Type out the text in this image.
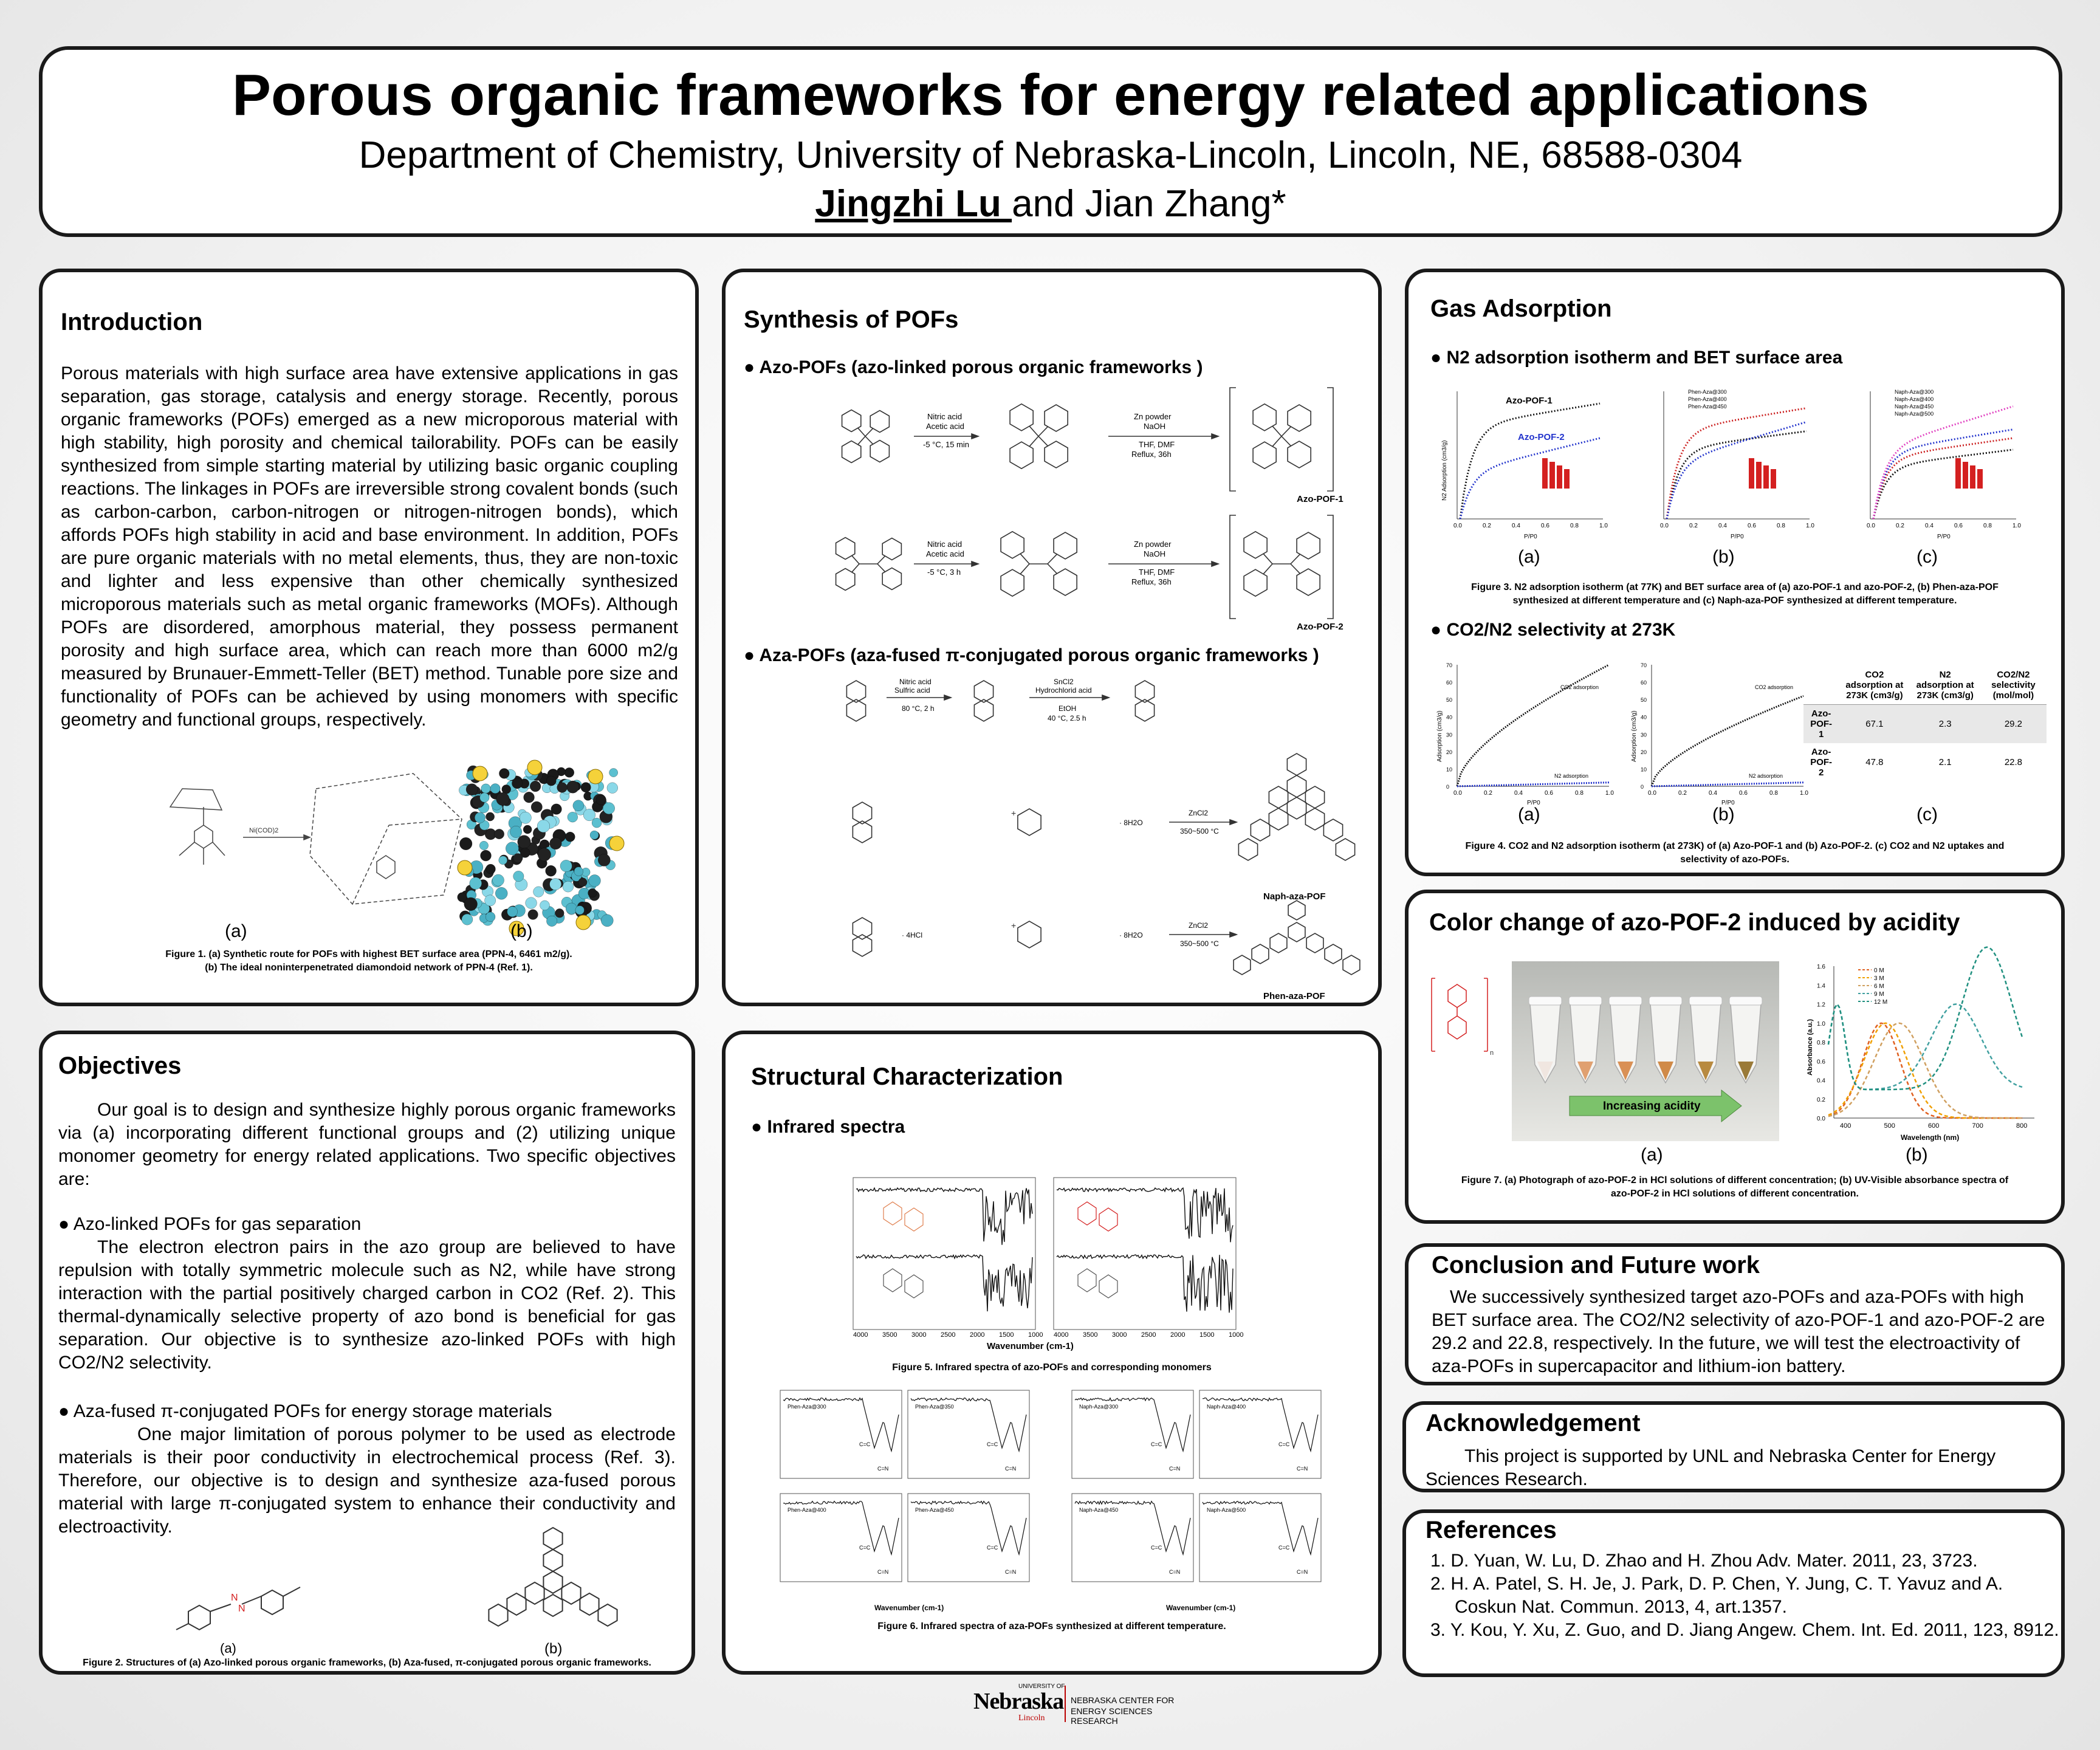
Porous organic frameworks for energy related applications
Department of Chemistry, University of Nebraska-Lincoln, Lincoln, NE, 68588-0304
Jingzhi Lu and Jian Zhang*
Introduction
Porous materials with high surface area have extensive applications in gas separation, gas storage, catalysis and energy storage. Recently, porous organic frameworks (POFs) emerged as a new microporous material with high stability, high porosity and chemical tailorability. POFs can be easily synthesized from simple starting material by utilizing basic organic coupling reactions. The linkages in POFs are irreversible strong covalent bonds (such as carbon-carbon, carbon-nitrogen or nitrogen-nitrogen bonds), which affords POFs high stability in acid and base environment. In addition, POFs are pure organic materials with no metal elements, thus, they are non-toxic and lighter and less expensive than other chemically synthesized microporous materials such as metal organic frameworks (MOFs). Although POFs are disordered, amorphous material, they possess permanent porosity and high surface area, which can reach more than 6000 m2/g measured by Brunauer-Emmett-Teller (BET) method. Tunable pore size and functionality of POFs can be achieved by using monomers with specific geometry and functional groups, respectively.
Ni(COD)2
(a)	(b)
Figure 1. (a) Synthetic route for POFs with highest BET surface area (PPN-4, 6461 m2/g).
(b) The ideal noninterpenetrated diamondoid network of PPN-4 (Ref. 1).
Objectives
Our goal is to design and synthesize highly porous organic frameworks via (a) incorporating different functional groups and (2) utilizing unique monomer geometry for energy related applications. Two specific objectives are:
● Azo-linked POFs for gas separation
The electron electron pairs in the azo group are believed to have repulsion with totally symmetric molecule such as N2, while have strong interaction with the partial positively charged carbon in CO2 (Ref. 2). This thermal-dynamically selective property of azo bond is beneficial for gas separation. Our objective is to synthesize azo-linked POFs with high CO2/N2 selectivity.
● Aza-fused π-conjugated POFs for energy storage materials
One major limitation of porous polymer to be used as electrode materials is their poor conductivity in electrochemical process (Ref. 3). Therefore, our objective is to design and synthesize aza-fused porous material with large π-conjugated system to enhance their conductivity and electroactivity.
N
N
(a)	(b)
Figure 2. Structures of (a) Azo-linked porous organic frameworks, (b) Aza-fused, π-conjugated porous organic frameworks.
Synthesis of POFs
● Azo-POFs (azo-linked porous organic frameworks )
Nitric acid
Acetic acid
-5 °C, 15 min
Zn powder
NaOH
THF, DMF
Reflux, 36h
Azo-POF-1
Nitric acid
Acetic acid
-5 °C, 3 h
Zn powder
NaOH
THF, DMF
Reflux, 36h
Azo-POF-2
● Aza-POFs (aza-fused π-conjugated porous organic frameworks )
+
+
Nitric acid
Sulfric acid
80 °C, 2 h
SnCl2
Hydrochlorid acid
EtOH
40 °C, 2.5 h
ZnCl2
350~500 °C
· 8H2O
ZnCl2
350~500 °C
· 8H2O
· 4HCl
Naph-aza-POF
Phen-aza-POF
Structural Characterization
● Infrared spectra
4000	4000
3500	3500
3000	3000
2500	2500
2000	2000
1500	1500
1000	1000
Wavenumber (cm-1)
Figure 5. Infrared spectra of azo-POFs and corresponding monomers
Phen-Aza@300
C=N
C=C
Phen-Aza@350
C=N
C=C
Phen-Aza@400
C=N
C=C
Phen-Aza@450
C=N
C=C
Naph-Aza@300
C=N
C=C
Naph-Aza@400
C=N
C=C
Naph-Aza@450
C=N
C=C
Naph-Aza@500
C=N
C=C
Wavenumber (cm-1)	Wavenumber (cm-1)
Figure 6. Infrared spectra of aza-POFs synthesized at different temperature.
Gas Adsorption
● N2 adsorption isotherm and BET surface area
0.0	0.2	0.4	0.6	0.8	1.0
P/P0
0.0	0.2	0.4	0.6	0.8	1.0
P/P0
0.0	0.2	0.4	0.6	0.8	1.0
P/P0
Azo-POF-1
Azo-POF-2
Phen-Aza@300
Phen-Aza@400
Phen-Aza@450
Naph-Aza@300
Naph-Aza@400
Naph-Aza@450
Naph-Aza@500
N2 Adsorption (cm3/g)
(a)	(b)	(c)
Figure 3. N2 adsorption isotherm (at 77K) and BET surface area of (a) azo-POF-1 and azo-POF-2, (b) Phen-aza-POF
synthesized at different temperature and (c) Naph-aza-POF synthesized at different temperature.
● CO2/N2 selectivity at 273K
0.0	0.2	0.4	0.6	0.8	1.0
0
10
20
30
40
50
60
70
CO2 adsorption
N2 adsorption
Adsorption (cm3/g)
P/P0
0.0	0.2	0.4	0.6	0.8	1.0
0
10
20
30
40
50
60
70
CO2 adsorption
N2 adsorption
Adsorption (cm3/g)
P/P0
	CO2 adsorption at 273K (cm3/g)	N2 adsorption at 273K (cm3/g)	CO2/N2 selectivity (mol/mol)
Azo-POF-1	67.1	2.3	29.2
Azo-POF-2	47.8	2.1	22.8
(a)	(b)	(c)
Figure 4. CO2 and N2 adsorption isotherm (at 273K) of (a) Azo-POF-1 and (b) Azo-POF-2. (c) CO2 and N2 uptakes and
selectivity of azo-POFs.
Color change of azo-POF-2 induced by acidity
n
Increasing acidity
400	500	600	700	800
0.0
0.2
0.4
0.6
0.8
1.0
1.2
1.4
1.6
Wavelength (nm)
Absorbance (a.u.)
0 M
3 M
6 M
9 M
12 M
(a)	(b)
Figure 7. (a) Photograph of azo-POF-2 in HCl solutions of different concentration; (b) UV-Visible absorbance spectra of
azo-POF-2 in HCl solutions of different concentration.
Conclusion and Future work
We successively synthesized target azo-POFs and aza-POFs with high BET surface area. The CO2/N2 selectivity of azo-POF-1 and azo-POF-2 are 29.2 and 22.8, respectively. In the future, we will test the electroactivity of aza-POFs in supercapacitor and lithium-ion battery.
Acknowledgement
This project is supported by UNL and Nebraska Center for Energy Sciences Research.
References
1. D. Yuan, W. Lu, D. Zhao and H. Zhou Adv. Mater. 2011, 23, 3723.
2. H. A. Patel, S. H. Je, J. Park, D. P. Chen, Y. Jung, C. T. Yavuz and A. Coskun Nat. Commun. 2013, 4, art.1357.
3. Y. Kou, Y. Xu, Z. Guo, and D. Jiang Angew. Chem. Int. Ed. 2011, 123, 8912.
UNIVERSITY OF
Nebraska
Lincoln
NEBRASKA CENTER FOR
ENERGY SCIENCES RESEARCH
